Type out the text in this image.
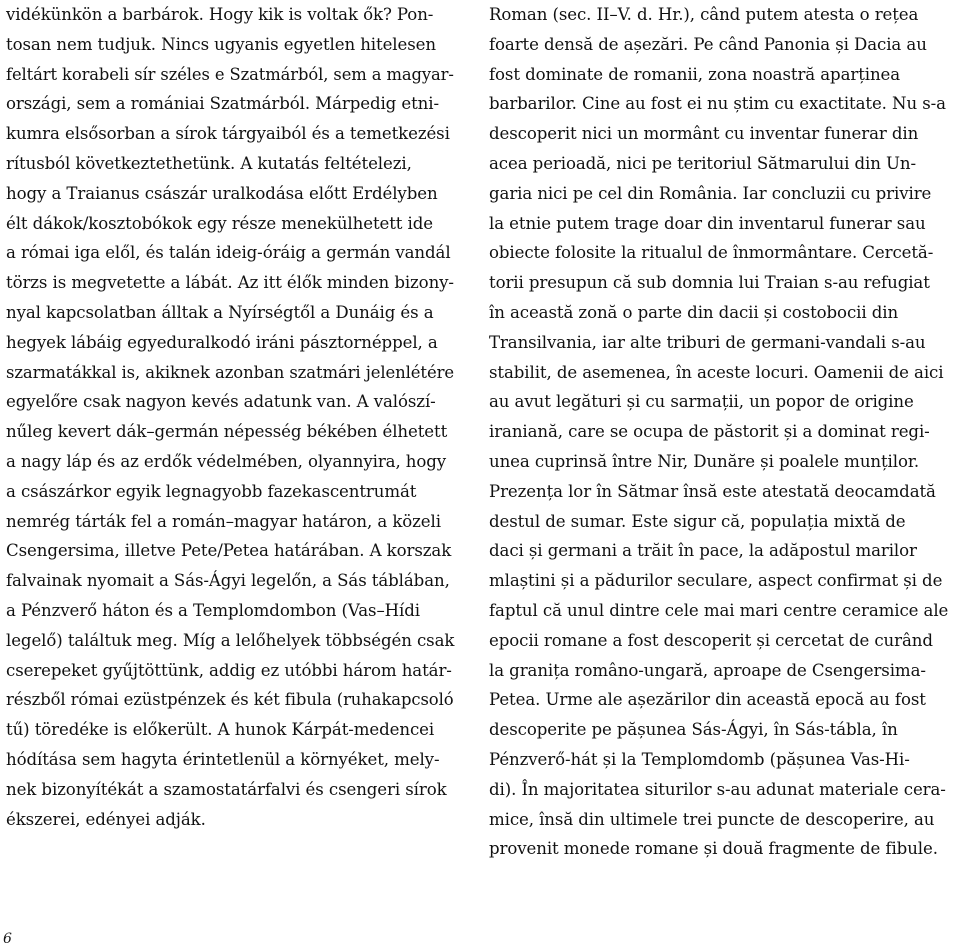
vidékünkön a barbárok. Hogy kik is voltak ők? Pon-
tosan nem tudjuk. Nincs ugyanis egyetlen hitelesen
feltárt korabeli sír széles e Szatmárból, sem a magyar-
országi, sem a romániai Szatmárból. Márpedig etni-
kumra elsősorban a sírok tárgyaiból és a temetkezési
rítusból következtethetünk. A kutatás feltételezi,
hogy a Traianus császár uralkodása előtt Erdélyben
élt dákok/kosztobókok egy része menekülhetett ide
a római iga elől, és talán ideig-óráig a germán vandál
törzs is megvetette a lábát. Az itt élők minden bizony-
nyal kapcsolatban álltak a Nyírségtől a Dunáig és a
hegyek lábáig egyeduralkodó iráni pásztornéppel, a
szarmatákkal is, akiknek azonban szatmári jelenlétére
egyelőre csak nagyon kevés adatunk van. A valószí-
nűleg kevert dák–germán népesség békében élhetett
a nagy láp és az erdők védelmében, olyannyira, hogy
a császárkor egyik legnagyobb fazekascentrumát
nemrég tárták fel a román–magyar határon, a közeli
Csengersima, illetve Pete/Petea határában. A korszak
falvainak nyomait a Sás-Ágyi legelőn, a Sás táblában,
a Pénzverő háton és a Templomdombon (Vas–Hídi
legelő) találtuk meg. Míg a lelőhelyek többségén csak
cserepeket gyűjtöttünk, addig ez utóbbi három határ-
részből római ezüstpénzek és két fibula (ruhakapcsoló
tű) töredéke is előkerült. A hunok Kárpát-medencei
hódítása sem hagyta érintetlenül a környéket, mely-
nek bizonyítékát a szamostatárfalvi és csengeri sírok
ékszerei, edényei adják.
Roman (sec. II–V. d. Hr.), când putem atesta o rețea
foarte densă de așezări. Pe când Panonia și Dacia au
fost dominate de romanii, zona noastră aparținea
barbarilor. Cine au fost ei nu știm cu exactitate. Nu s-a
descoperit nici un mormânt cu inventar funerar din
acea perioadă, nici pe teritoriul Sătmarului din Un-
garia nici pe cel din România. Iar concluzii cu privire
la etnie putem trage doar din inventarul funerar sau
obiecte folosite la ritualul de înmormântare. Cercetă-
torii presupun că sub domnia lui Traian s-au refugiat
în această zonă o parte din dacii și costobocii din
Transilvania, iar alte triburi de germani-vandali s-au
stabilit, de asemenea, în aceste locuri. Oamenii de aici
au avut legături și cu sarmații, un popor de origine
iraniană, care se ocupa de păstorit și a dominat regi-
unea cuprinsă între Nir, Dunăre și poalele munților.
Prezența lor în Sătmar însă este atestată deocamdată
destul de sumar. Este sigur că, populația mixtă de
daci și germani a trăit în pace, la adăpostul marilor
mlaștini și a pădurilor seculare, aspect confirmat și de
faptul că unul dintre cele mai mari centre ceramice ale
epocii romane a fost descoperit și cercetat de curând
la granița româno-ungară, aproape de Csengersima-
Petea. Urme ale așezărilor din această epocă au fost
descoperite pe pășunea Sás-Ágyi, în Sás-tábla, în
Pénzverő-hát și la Templomdomb (pășunea Vas-Hi-
di). În majoritatea siturilor s-au adunat materiale cera-
mice, însă din ultimele trei puncte de descoperire, au
provenit monede romane și două fragmente de fibule.
6
